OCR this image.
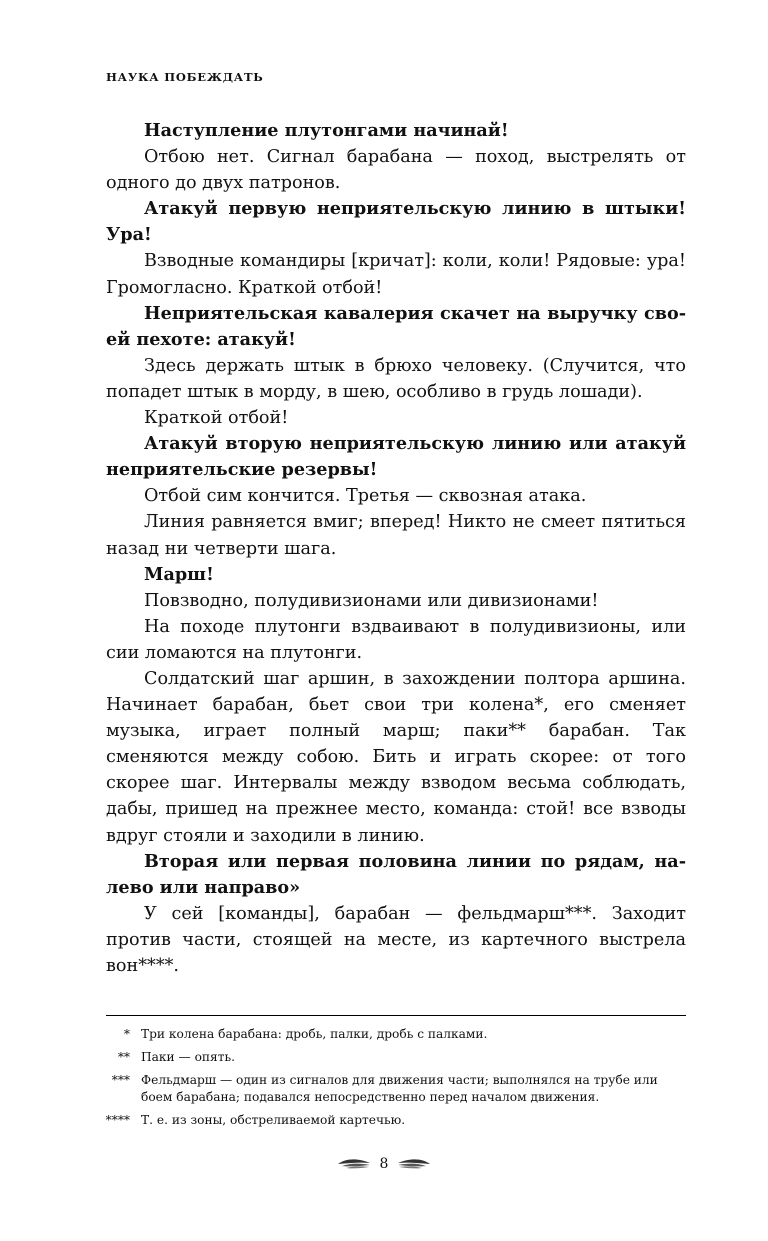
НАУКА ПОБЕЖДАТЬ

Наступление плутонгами начинай!

Отбою нет. Сигнал барабана — поход, выстрелять от одного до двух патронов.

Атакуй первую неприятельскую линию в штыки! Ура!

Взводные командиры [кричат]: коли, коли! Рядовые: ура! Громогласно. Краткой отбой!

Неприятельская кавалерия скачет на выручку своей пехоте: атакуй!

Здесь держать штык в брюхо человеку. (Случится, что попадет штык в морду, в шею, особливо в грудь лошади).

Краткой отбой!

Атакуй вторую неприятельскую линию или атакуй неприятельские резервы!

Отбой сим кончится. Третья — сквозная атака.

Линия равняется вмиг; вперед! Никто не смеет пятиться назад ни четверти шага.

Марш!

Повзводно, полудивизионами или дивизионами!

На походе плутонги вздваивают в полудивизионы, или сии ломаются на плутонги.

Солдатский шаг аршин, в захождении полтора аршина. Начинает барабан, бьет свои три колена*, его сменяет музыка, играет полный марш; паки** барабан. Так сменяются между собою. Бить и играть скорее: от того скорее шаг. Интервалы между взводом весьма соблюдать, дабы, пришед на прежнее место, команда: стой! все взводы вдруг стояли и заходили в линию.

Вторая или первая половина линии по рядам, налево или направо»

У сей [команды], барабан — фельдмарш***. Заходит против части, стоящей на месте, из картечного выстрела вон****.

* Три колена барабана: дробь, палки, дробь с палками.
** Паки — опять.
*** Фельдмарш — один из сигналов для движения части; выполнялся на трубе или боем барабана; подавался непосредственно перед началом движения.
**** Т. е. из зоны, обстреливаемой картечью.
8
